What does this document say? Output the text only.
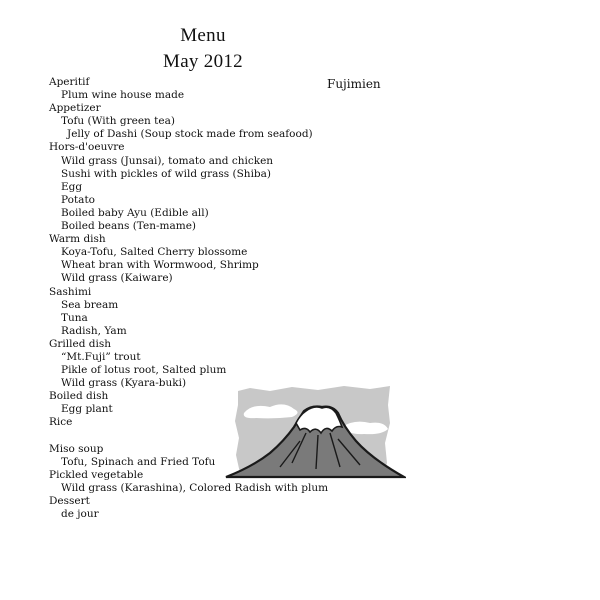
Menu
May 2012
Fujimien
Aperitif
Plum wine house made
Appetizer
Tofu (With green tea)
Jelly of Dashi (Soup stock made from seafood)
Hors-d'oeuvre
Wild grass (Junsai), tomato and chicken
Sushi with pickles of wild grass (Shiba)
Egg
Potato
Boiled baby Ayu (Edible all)
Boiled beans (Ten-mame)
Warm dish
Koya-Tofu, Salted Cherry blossome
Wheat bran with Wormwood, Shrimp
Wild grass (Kaiware)
Sashimi
Sea bream
Tuna
Radish, Yam
Grilled dish
“Mt.Fuji” trout
Pikle of lotus root, Salted plum
Wild grass (Kyara-buki)
Boiled dish
Egg plant
Rice
Miso soup
Tofu, Spinach and Fried Tofu
Pickled vegetable
Wild grass (Karashina), Colored Radish with plum
Dessert
de jour
